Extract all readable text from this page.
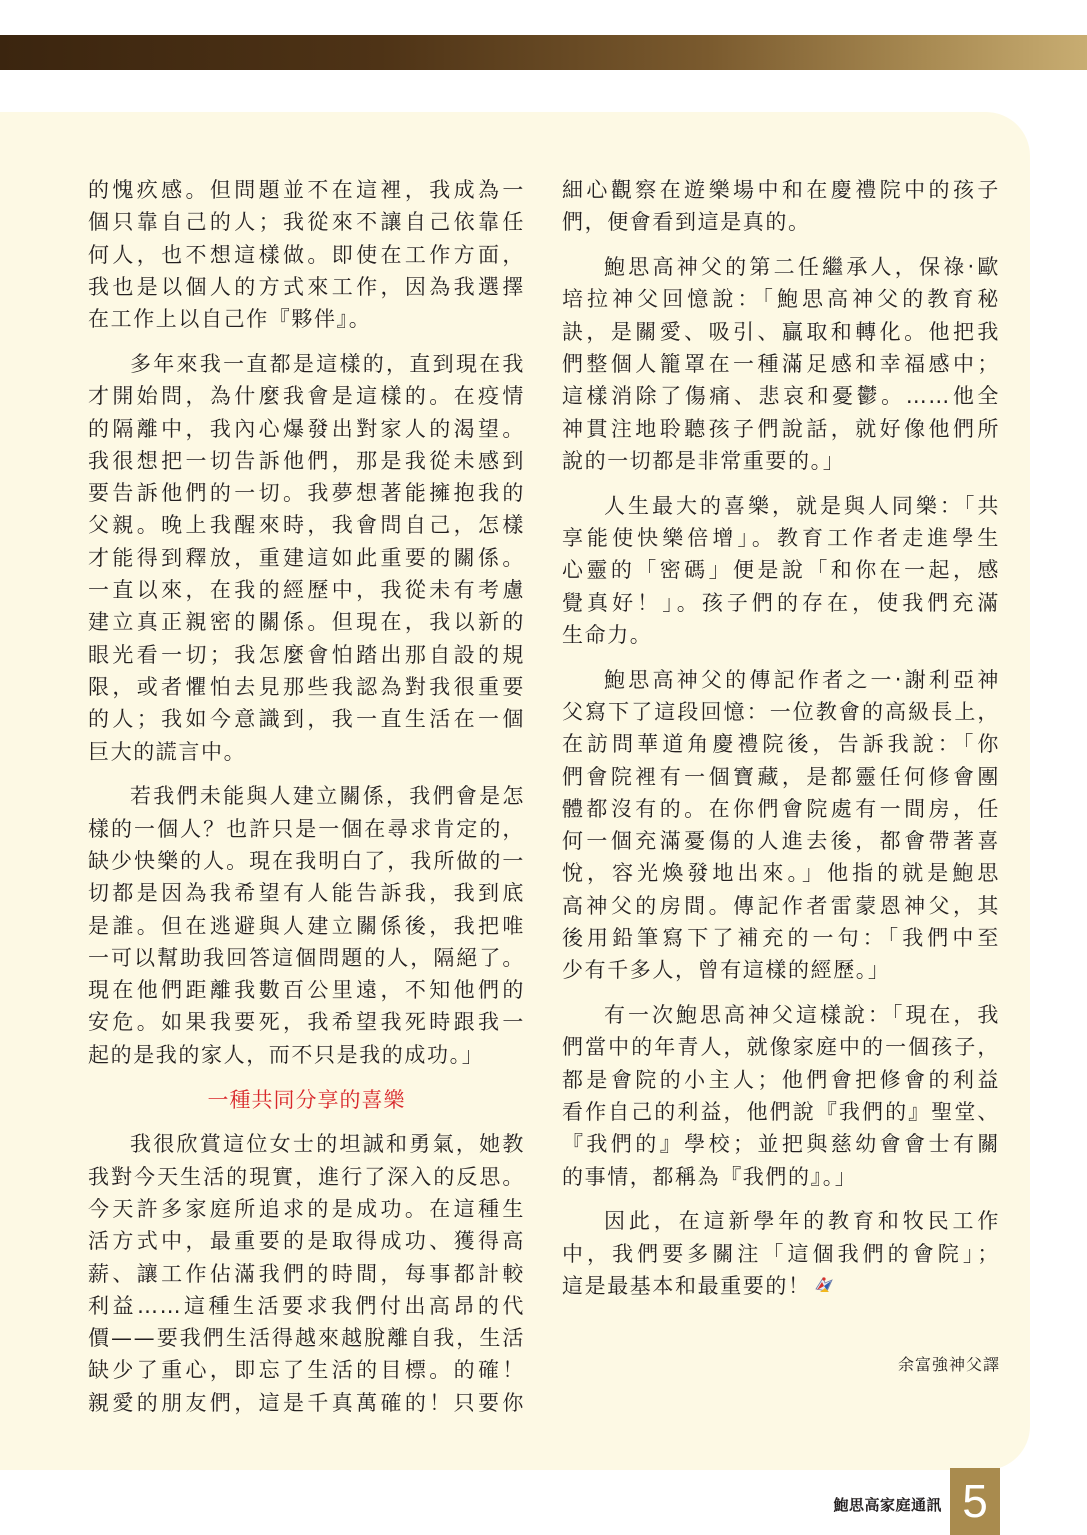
的愧疚感。但問題並不在這裡，我成為一
個只靠自己的人；我從來不讓自己依靠任
何人，也不想這樣做。即使在工作方面，
我也是以個人的方式來工作，因為我選擇
在工作上以自己作『夥伴』。
多年來我一直都是這樣的，直到現在我
才開始問，為什麼我會是這樣的。在疫情
的隔離中，我內心爆發出對家人的渴望。
我很想把一切告訴他們，那是我從未感到
要告訴他們的一切。我夢想著能擁抱我的
父親。晚上我醒來時，我會問自己，怎樣
才能得到釋放，重建這如此重要的關係。
一直以來，在我的經歷中，我從未有考慮
建立真正親密的關係。但現在，我以新的
眼光看一切；我怎麼會怕踏出那自設的規
限，或者懼怕去見那些我認為對我很重要
的人；我如今意識到，我一直生活在一個
巨大的謊言中。
若我們未能與人建立關係，我們會是怎
樣的一個人？也許只是一個在尋求肯定的，
缺少快樂的人。現在我明白了，我所做的一
切都是因為我希望有人能告訴我，我到底
是誰。但在逃避與人建立關係後，我把唯
一可以幫助我回答這個問題的人，隔絕了。
現在他們距離我數百公里遠，不知他們的
安危。如果我要死，我希望我死時跟我一
起的是我的家人，而不只是我的成功。」
一種共同分享的喜樂
我很欣賞這位女士的坦誠和勇氣，她教
我對今天生活的現實，進行了深入的反思。
今天許多家庭所追求的是成功。在這種生
活方式中，最重要的是取得成功、獲得高
薪、讓工作佔滿我們的時間，每事都計較
利益……這種生活要求我們付出高昂的代
價——要我們生活得越來越脫離自我，生活
缺少了重心，即忘了生活的目標。的確！
親愛的朋友們，這是千真萬確的！只要你
細心觀察在遊樂場中和在慶禮院中的孩子
們，便會看到這是真的。
鮑思高神父的第二任繼承人，保祿‧歐
培拉神父回憶說：「鮑思高神父的教育秘
訣，是關愛、吸引、贏取和轉化。他把我
們整個人籠罩在一種滿足感和幸福感中；
這樣消除了傷痛、悲哀和憂鬱。……他全
神貫注地聆聽孩子們說話，就好像他們所
說的一切都是非常重要的。」
人生最大的喜樂，就是與人同樂：「共
享能使快樂倍增」。教育工作者走進學生
心靈的「密碼」便是說「和你在一起，感
覺真好！」。孩子們的存在，使我們充滿
生命力。
鮑思高神父的傳記作者之一‧謝利亞神
父寫下了這段回憶：一位教會的高級長上，
在訪問華道角慶禮院後，告訴我說：「你
們會院裡有一個寶藏，是都靈任何修會團
體都沒有的。在你們會院處有一間房，任
何一個充滿憂傷的人進去後，都會帶著喜
悅，容光煥發地出來。」他指的就是鮑思
高神父的房間。傳記作者雷蒙恩神父，其
後用鉛筆寫下了補充的一句：「我們中至
少有千多人，曾有這樣的經歷。」
有一次鮑思高神父這樣說：「現在，我
們當中的年青人，就像家庭中的一個孩子，
都是會院的小主人；他們會把修會的利益
看作自己的利益，他們說『我們的』聖堂、
『我們的』學校；並把與慈幼會會士有關
的事情，都稱為『我們的』。」
因此，在這新學年的教育和牧民工作
中，我們要多關注「這個我們的會院」；
這是最基本和最重要的！
余富強神父譯
鮑思高家庭通訊 5
